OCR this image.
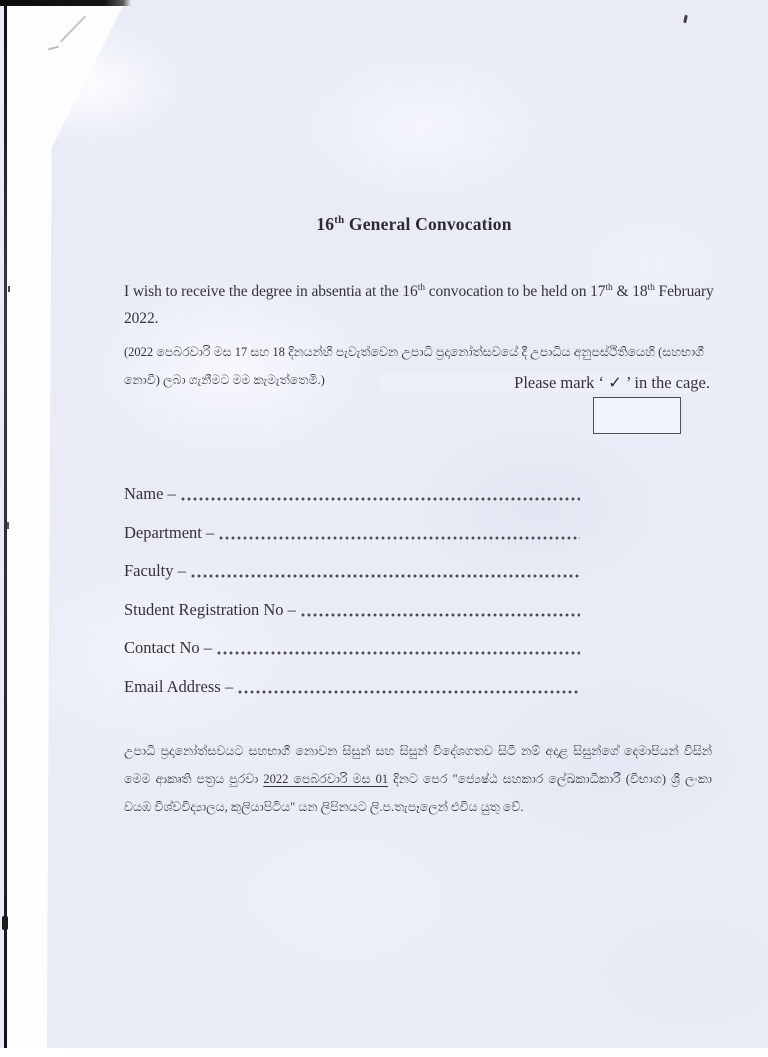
16th General Convocation

I wish to receive the degree in absentia at the 16th convocation to be held on 17th & 18th February 2022.

(2022 පෙබරවාරි මස 17 සහ 18 දිනයන්හි පැවැත්වෙන උපාධි ප්‍රදානෝත්සවයේ දී උපාධිය අනුපස්ථිතියෙහි (සහභාගී නොවී) ලබා ගැනීමට මම කැමැත්තෙමි.)	Please mark ‘ ✓ ’ in the cage.

Name –
Department –
Faculty –
Student Registration No –
Contact No –
Email Address –

උපාධි ප්‍රදානෝත්සවයට සහභාගී නොවන සිසුන් සහ සිසුන් විදේශගතව සිටී නම් අදාළ සිසුන්ගේ දෙමාපියන් විසින් මෙම ආකෘති පත්‍රය පුරවා 2022 පෙබරවාරි මස 01 දිනට පෙර "ජ්‍යෙෂ්ඨ සහකාර ලේඛකාධිකාරී (විභාග) ශ්‍රී ලංකා වයඹ විශ්වවිද්‍යාලය, කුලියාපිටිය" යන ලිපිනයට ලි.ප.තැපෑලෙන් එවිය යුතු වේ.
